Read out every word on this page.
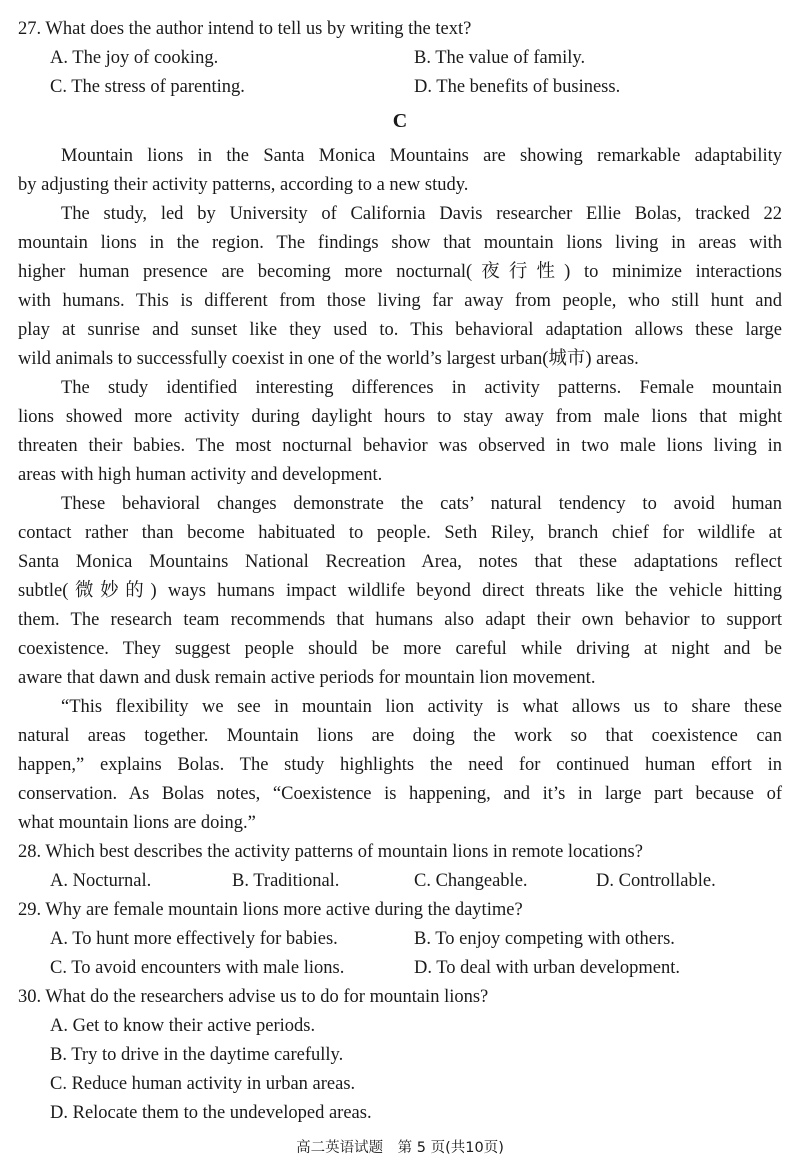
27. What does the author intend to tell us by writing the text?
A. The joy of cooking.	B. The value of family.
C. The stress of parenting.	D. The benefits of business.
C
Mountain lions in the Santa Monica Mountains are showing remarkable adaptability
by adjusting their activity patterns, according to a new study.
The study, led by University of California Davis researcher Ellie Bolas, tracked 22
mountain lions in the region. The findings show that mountain lions living in areas with
higher human presence are becoming more nocturnal(夜行性) to minimize interactions
with humans. This is different from those living far away from people, who still hunt and
play at sunrise and sunset like they used to. This behavioral adaptation allows these large
wild animals to successfully coexist in one of the world’s largest urban(城市) areas.
The study identified interesting differences in activity patterns. Female mountain
lions showed more activity during daylight hours to stay away from male lions that might
threaten their babies. The most nocturnal behavior was observed in two male lions living in
areas with high human activity and development.
These behavioral changes demonstrate the cats’ natural tendency to avoid human
contact rather than become habituated to people. Seth Riley, branch chief for wildlife at
Santa Monica Mountains National Recreation Area, notes that these adaptations reflect
subtle(微妙的) ways humans impact wildlife beyond direct threats like the vehicle hitting
them. The research team recommends that humans also adapt their own behavior to support
coexistence. They suggest people should be more careful while driving at night and be
aware that dawn and dusk remain active periods for mountain lion movement.
“This flexibility we see in mountain lion activity is what allows us to share these
natural areas together. Mountain lions are doing the work so that coexistence can
happen,” explains Bolas. The study highlights the need for continued human effort in
conservation. As Bolas notes, “Coexistence is happening, and it’s in large part because of
what mountain lions are doing.”
28. Which best describes the activity patterns of mountain lions in remote locations?
A. Nocturnal.	B. Traditional.	C. Changeable.	D. Controllable.
29. Why are female mountain lions more active during the daytime?
A. To hunt more effectively for babies.	B. To enjoy competing with others.
C. To avoid encounters with male lions.	D. To deal with urban development.
30. What do the researchers advise us to do for mountain lions?
A. Get to know their active periods.
B. Try to drive in the daytime carefully.
C. Reduce human activity in urban areas.
D. Relocate them to the undeveloped areas.
高二英语试题　第 5 页(共10页)
